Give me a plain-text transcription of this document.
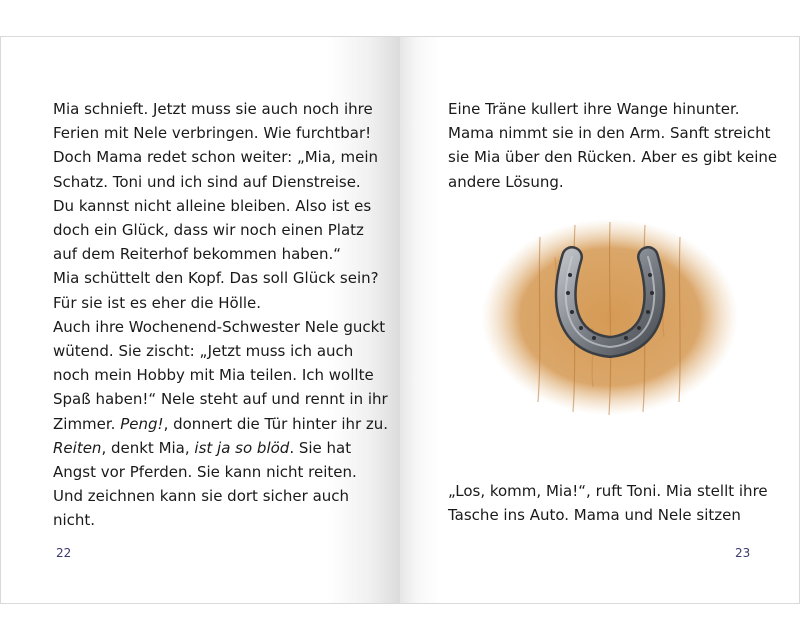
Mia schnieft. Jetzt muss sie auch noch ihre
Ferien mit Nele verbringen. Wie furchtbar!
Doch Mama redet schon weiter: „Mia, mein
Schatz. Toni und ich sind auf Dienstreise.
Du kannst nicht alleine bleiben. Also ist es
doch ein Glück, dass wir noch einen Platz
auf dem Reiterhof bekommen haben.“
Mia schüttelt den Kopf. Das soll Glück sein?
Für sie ist es eher die Hölle.
Auch ihre Wochenend-Schwester Nele guckt
wütend. Sie zischt: „Jetzt muss ich auch
noch mein Hobby mit Mia teilen. Ich wollte
Spaß haben!“ Nele steht auf und rennt in ihr
Zimmer. Peng!, donnert die Tür hinter ihr zu.
Reiten, denkt Mia, ist ja so blöd. Sie hat
Angst vor Pferden. Sie kann nicht reiten.
Und zeichnen kann sie dort sicher auch
nicht.

22

Eine Träne kullert ihre Wange hinunter.
Mama nimmt sie in den Arm. Sanft streicht
sie Mia über den Rücken. Aber es gibt keine
andere Lösung.

„Los, komm, Mia!“, ruft Toni. Mia stellt ihre
Tasche ins Auto. Mama und Nele sitzen

23
